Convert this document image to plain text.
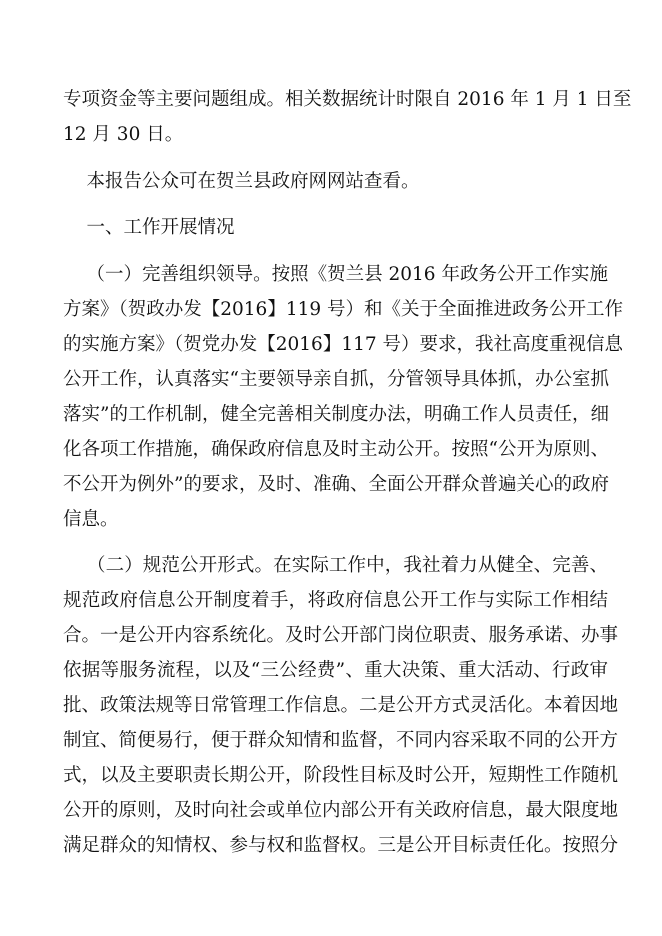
专项资金等主要问题组成。相关数据统计时限自 2016 年 1 月 1 日至
12 月 30 日。
本报告公众可在贺兰县政府网网站查看。
一、工作开展情况
（一）完善组织领导。按照《贺兰县 2016 年政务公开工作实施
方案》（贺政办发【2016】119 号）和《关于全面推进政务公开工作
的实施方案》（贺党办发【2016】117 号）要求，我社高度重视信息
公开工作，认真落实“主要领导亲自抓，分管领导具体抓，办公室抓
落实”的工作机制，健全完善相关制度办法，明确工作人员责任，细
化各项工作措施，确保政府信息及时主动公开。按照“公开为原则、
不公开为例外”的要求，及时、准确、全面公开群众普遍关心的政府
信息。
（二）规范公开形式。在实际工作中，我社着力从健全、完善、
规范政府信息公开制度着手，将政府信息公开工作与实际工作相结
合。一是公开内容系统化。及时公开部门岗位职责、服务承诺、办事
依据等服务流程，以及“三公经费”、重大决策、重大活动、行政审
批、政策法规等日常管理工作信息。二是公开方式灵活化。本着因地
制宜、简便易行，便于群众知情和监督，不同内容采取不同的公开方
式，以及主要职责长期公开，阶段性目标及时公开，短期性工作随机
公开的原则，及时向社会或单位内部公开有关政府信息，最大限度地
满足群众的知情权、参与权和监督权。三是公开目标责任化。按照分
